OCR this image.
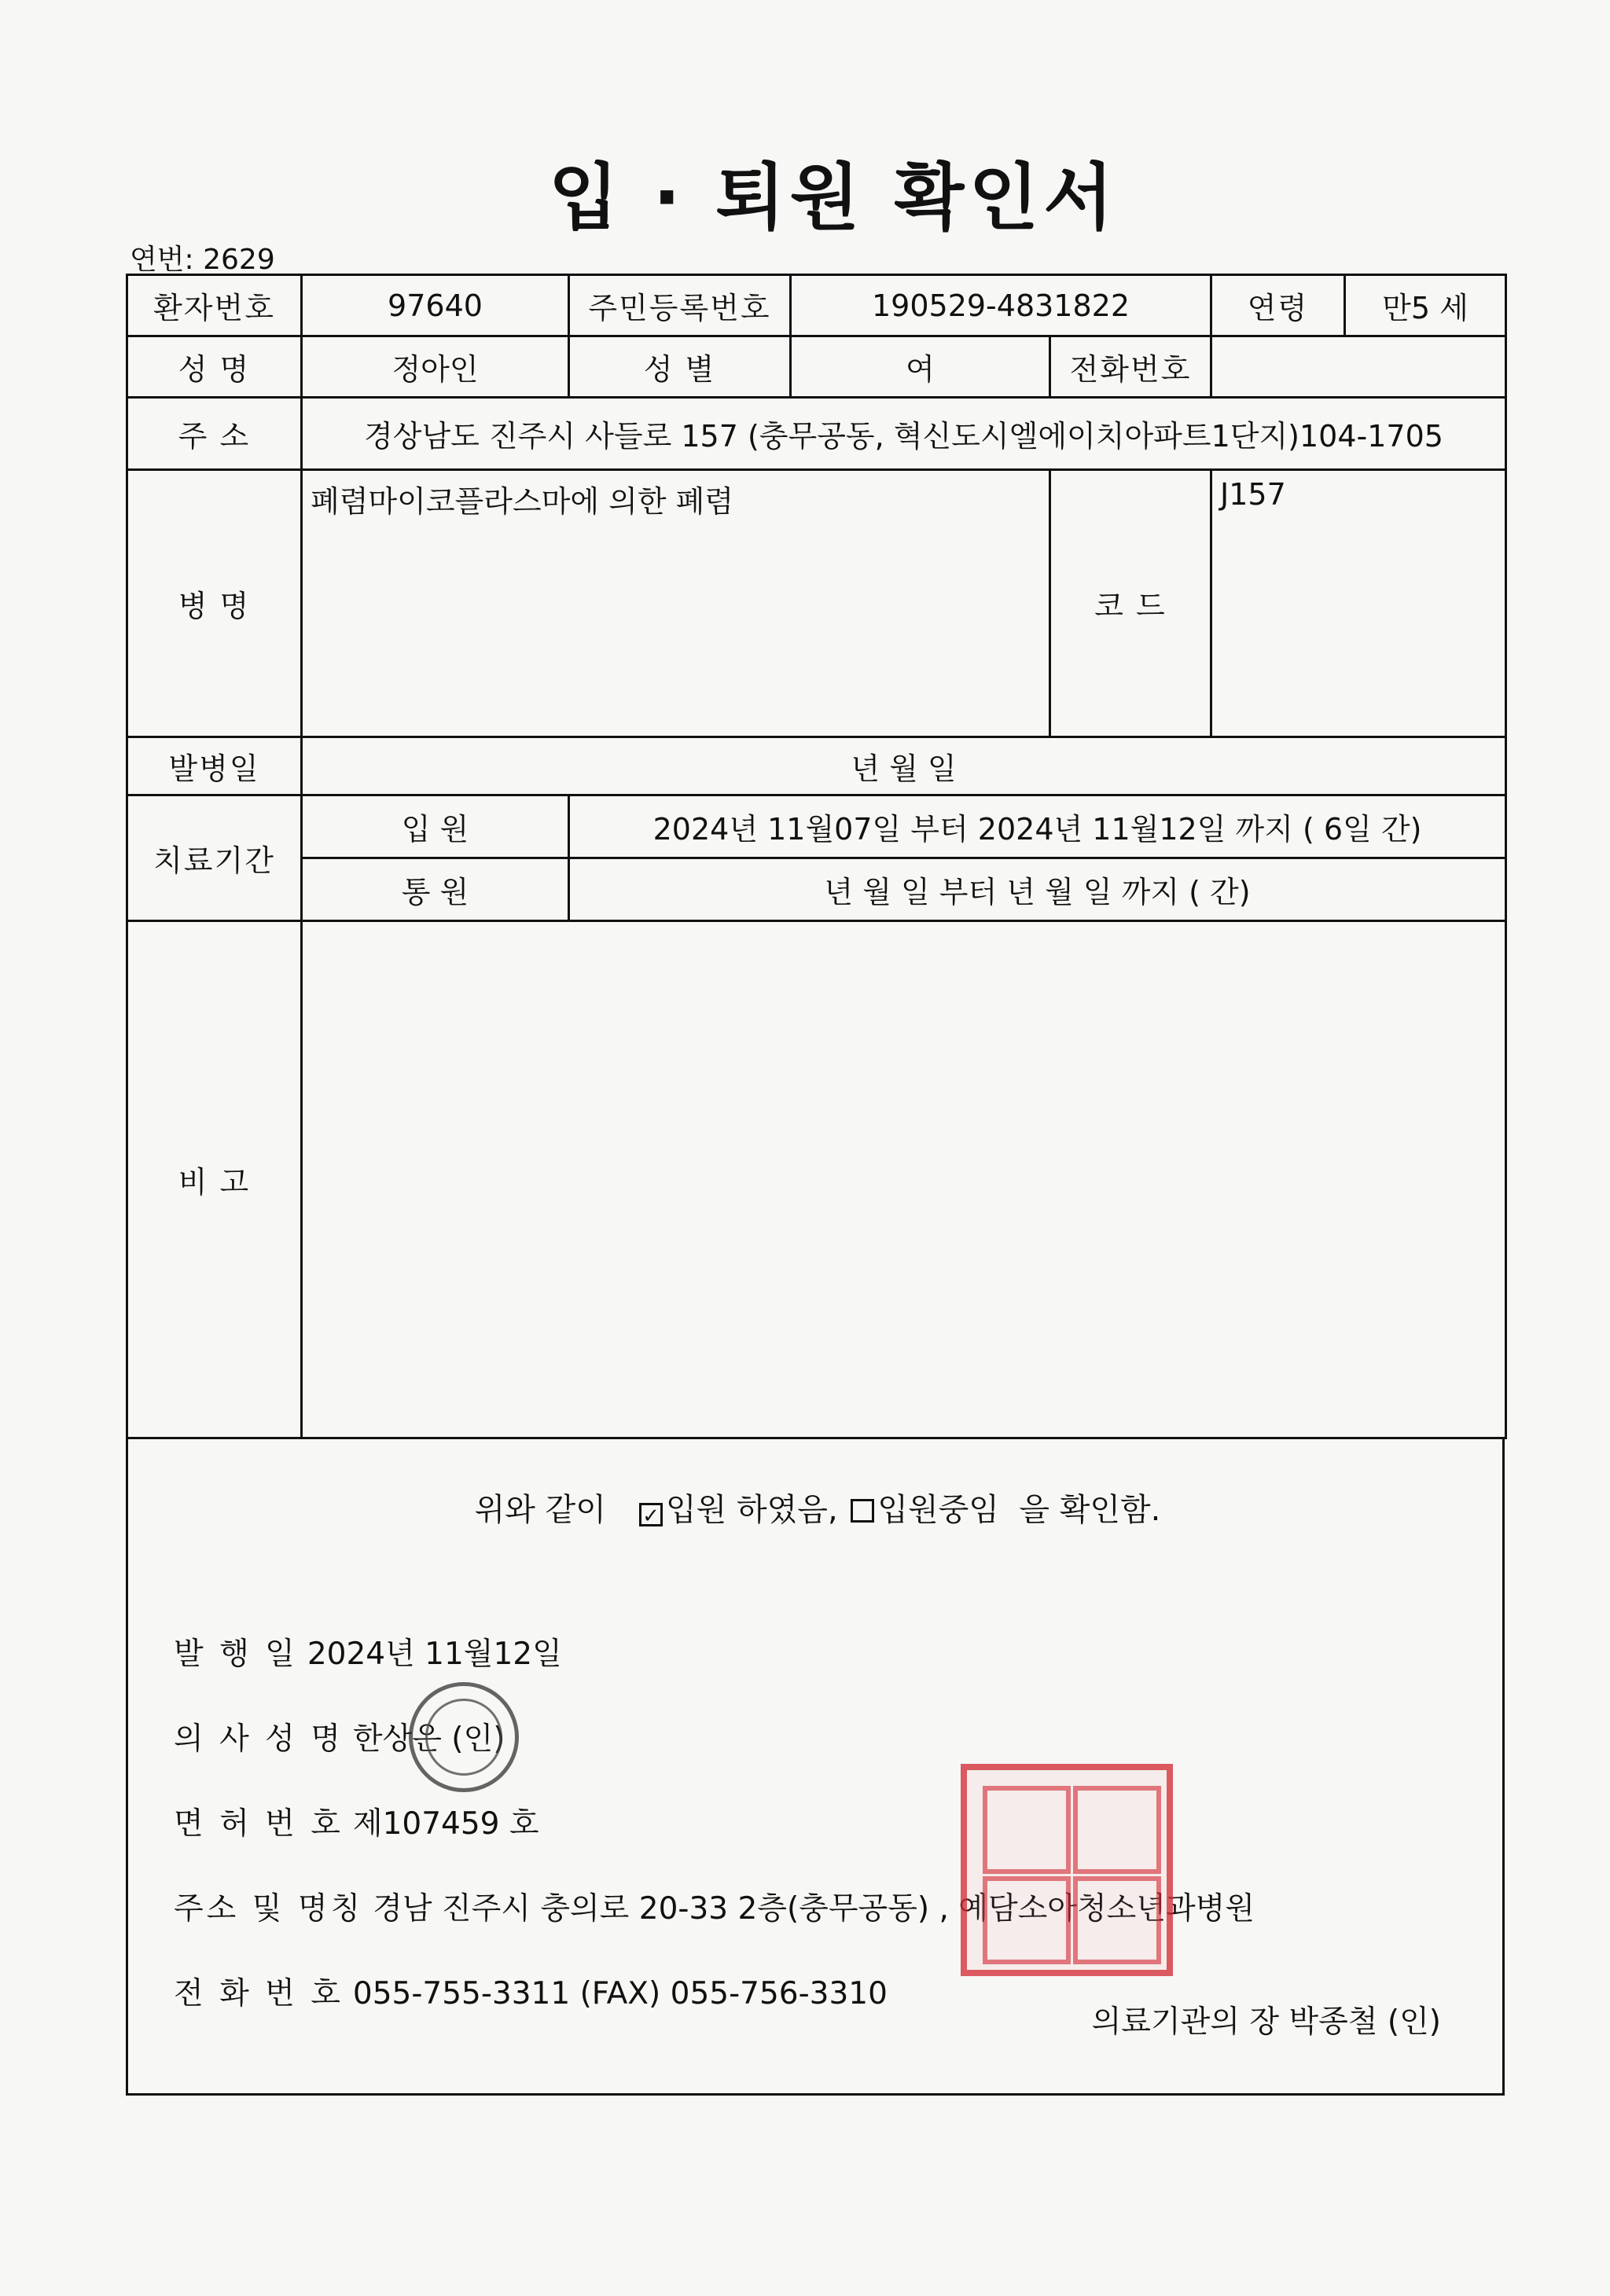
입 · 퇴원 확인서
연번: 2629
환자번호	97640	주민등록번호	190529-4831822		연령	만5 세
성 명	정아인	성 별	여	전화번호		
주 소	경상남도 진주시 사들로 157 (충무공동, 혁신도시엘에이치아파트1단지)104-1705					
병 명	폐렴마이코플라스마에 의한 폐렴			코 드	J157	
발병일	년 월 일					
치료기간	입 원	2024년 11월07일 부터 2024년 11월12일 까지 ( 6일 간)				
	통 원	년 월 일 부터 년 월 일 까지 ( 간)				
비 고						
위와 같이 ✓ 입원 하였음, 입원중임 을 확인함.
발 행 일 2024년 11월12일
의 사 성 명 한상은 (인)
면 허 번 호 제107459 호
주소 및 명칭 경남 진주시 충의로 20-33 2층(충무공동) , 예담소아청소년과병원
전 화 번 호 055-755-3311 (FAX) 055-756-3310
의료기관의 장 박종철 (인)
